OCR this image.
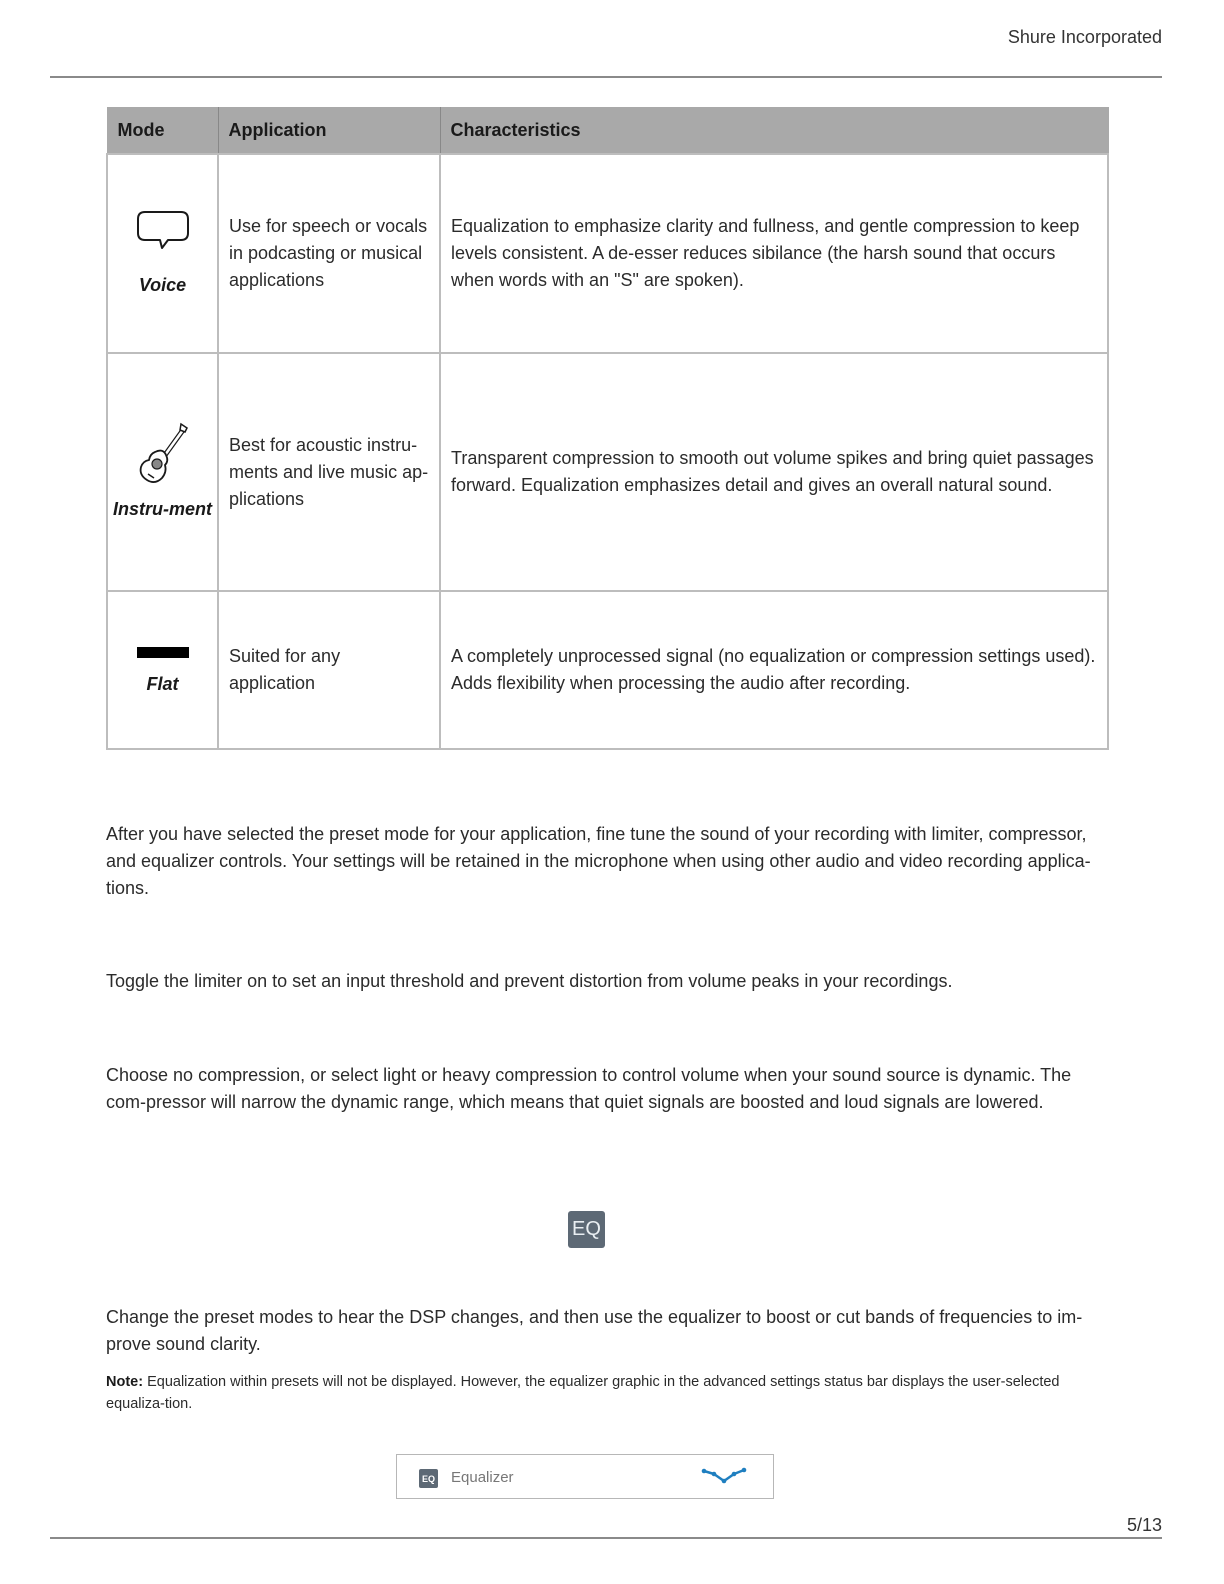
Shure Incorporated
Mode	Application	Characteristics

Voice	Use for speech or vocals in podcasting or musical applications	Equalization to emphasize clarity and fullness, and gentle compression to keep levels consistent. A de-esser reduces sibilance (the harsh sound that occurs when words with an "S" are spoken).

Instru-ment	Best for acoustic instru-ments and live music ap-plications	Transparent compression to smooth out volume spikes and bring quiet passages forward. Equalization emphasizes detail and gives an overall natural sound.

Flat	Suited for any application	A completely unprocessed signal (no equalization or compression settings used). Adds flexibility when processing the audio after recording.

After you have selected the preset mode for your application, fine tune the sound of your recording with limiter, compressor, and equalizer controls. Your settings will be retained in the microphone when using other audio and video recording applica-tions.

Toggle the limiter on to set an input threshold and prevent distortion from volume peaks in your recordings.

Choose no compression, or select light or heavy compression to control volume when your sound source is dynamic. The com-pressor will narrow the dynamic range, which means that quiet signals are boosted and loud signals are lowered.

EQ

Change the preset modes to hear the DSP changes, and then use the equalizer to boost or cut bands of frequencies to im-prove sound clarity.

Note: Equalization within presets will not be displayed. However, the equalizer graphic in the advanced settings status bar displays the user-selected equaliza-tion.

EQ Equalizer
5/13
